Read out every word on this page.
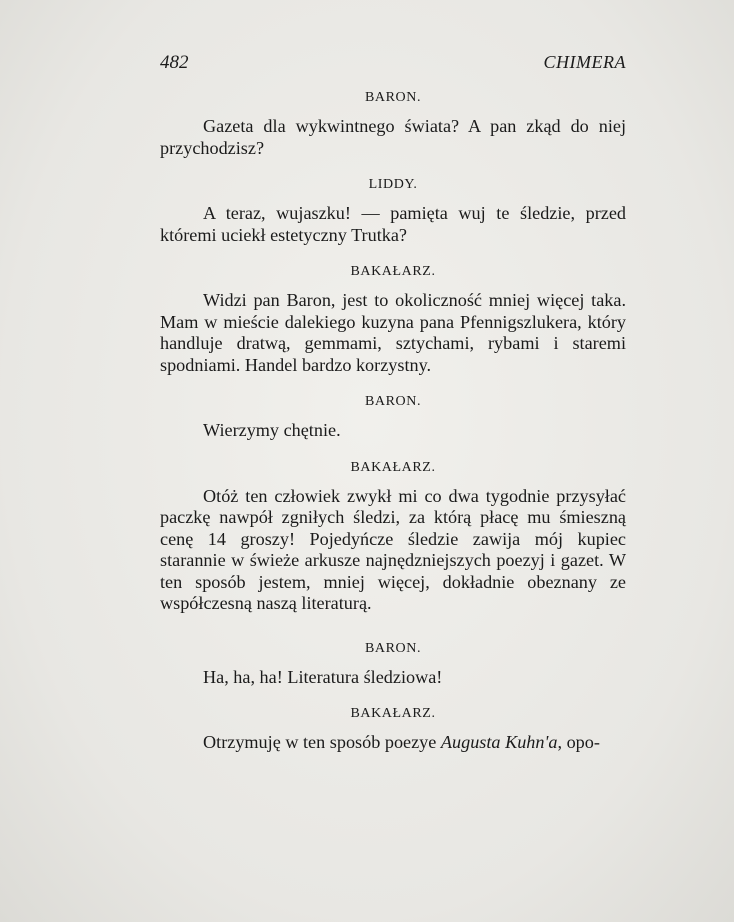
482	CHIMERA
BARON.

Gazeta dla wykwintnego świata? A pan zkąd do niej przychodzisz?

LIDDY.

A teraz, wujaszku! — pamięta wuj te śledzie, przed któremi uciekł estetyczny Trutka?

BAKAŁARZ.

Widzi pan Baron, jest to okoliczność mniej więcej taka. Mam w mieście dalekiego kuzyna pana Pfennigszlukera, który handluje dratwą, gemmami, sztychami, rybami i staremi spodniami. Handel bardzo korzystny.

BARON.

Wierzymy chętnie.

BAKAŁARZ.

Otóż ten człowiek zwykł mi co dwa tygodnie przysyłać paczkę nawpół zgniłych śledzi, za którą płacę mu śmieszną cenę 14 groszy! Pojedyńcze śledzie zawija mój kupiec starannie w świeże arkusze najnędzniejszych poezyj i gazet. W ten sposób jestem, mniej więcej, dokładnie obeznany ze współczesną naszą literaturą.

BARON.

Ha, ha, ha! Literatura śledziowa!

BAKAŁARZ.

Otrzymuję w ten sposób poezye Augusta Kuhn'a, opo-
